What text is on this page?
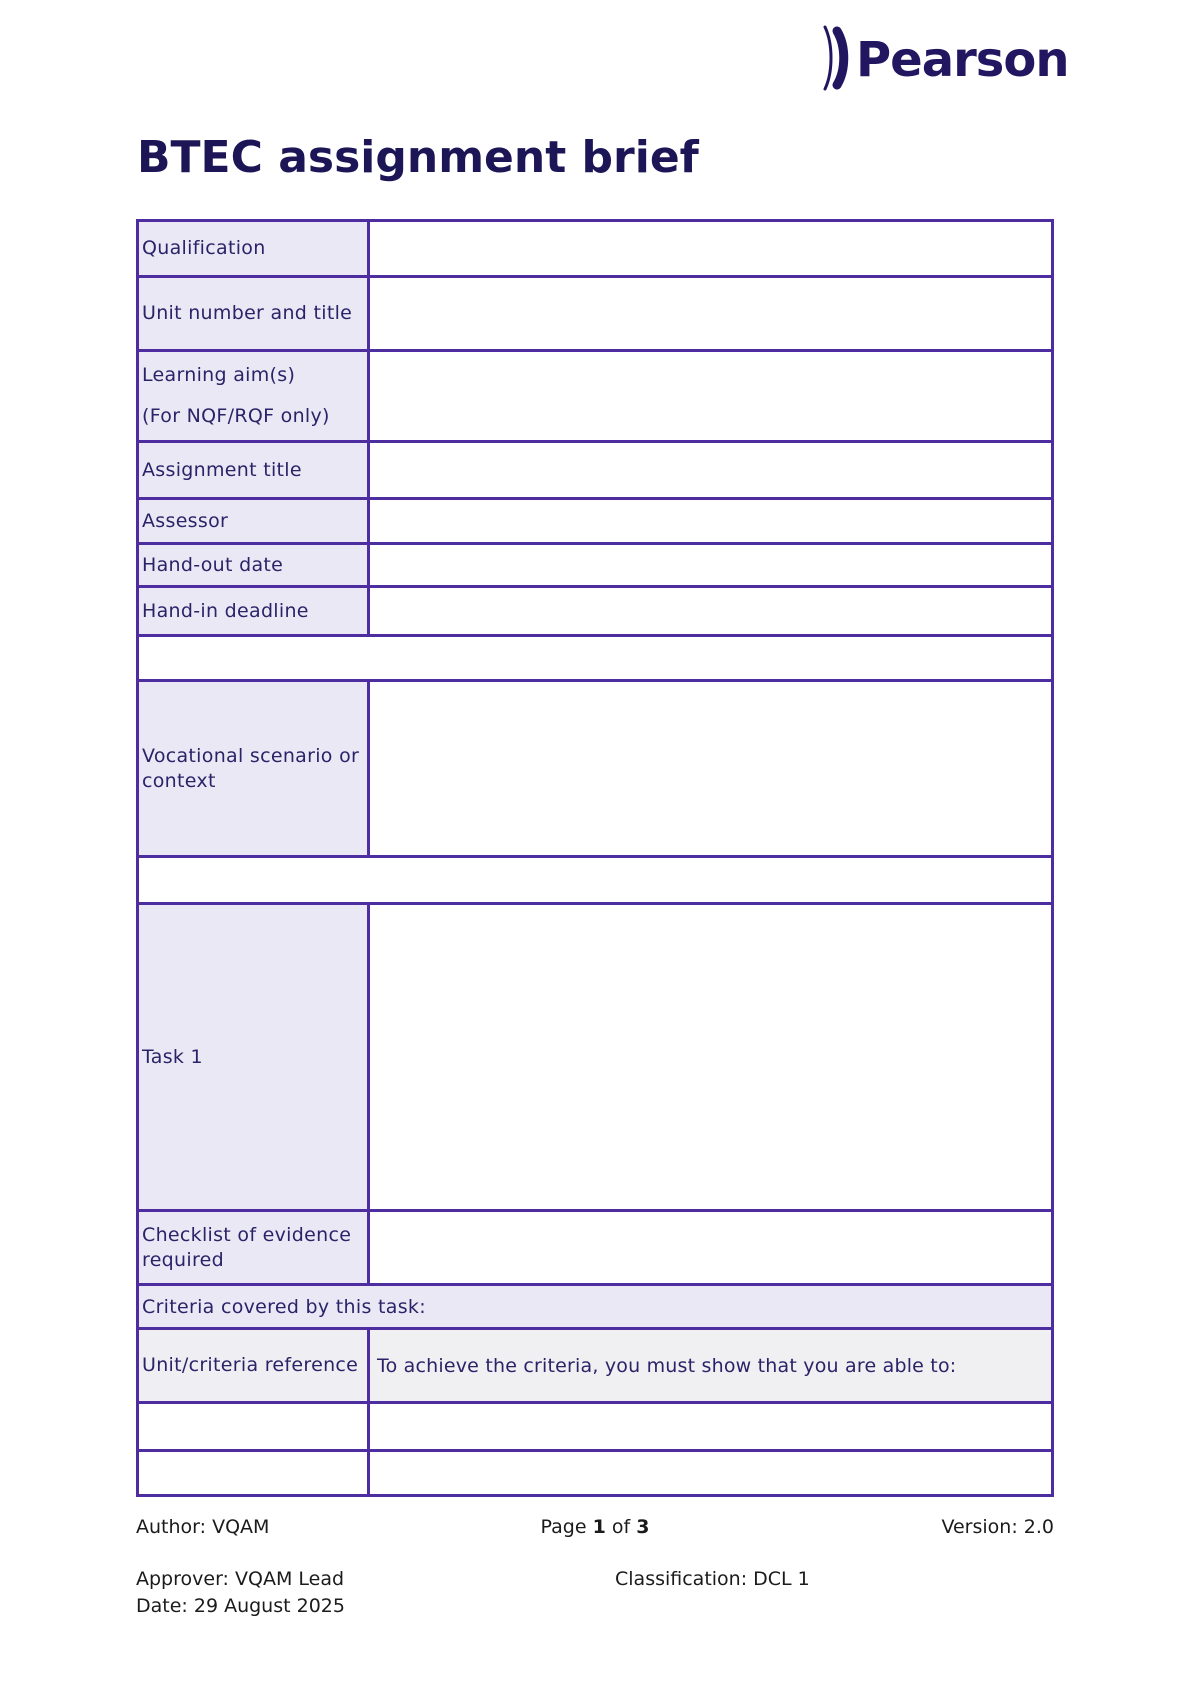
Pearson
BTEC assignment brief
Qualification
Unit number and title
Learning aim(s)
(For NQF/RQF only)
Assignment title
Assessor
Hand-out date
Hand-in deadline
Vocational scenario or context
Task 1
Checklist of evidence required
Criteria covered by this task:
Unit/criteria reference To achieve the criteria, you must show that you are able to:
Author: VQAM	Page 1 of 3	Version: 2.0
Approver: VQAM Lead
Date: 29 August 2025
Classification: DCL 1
